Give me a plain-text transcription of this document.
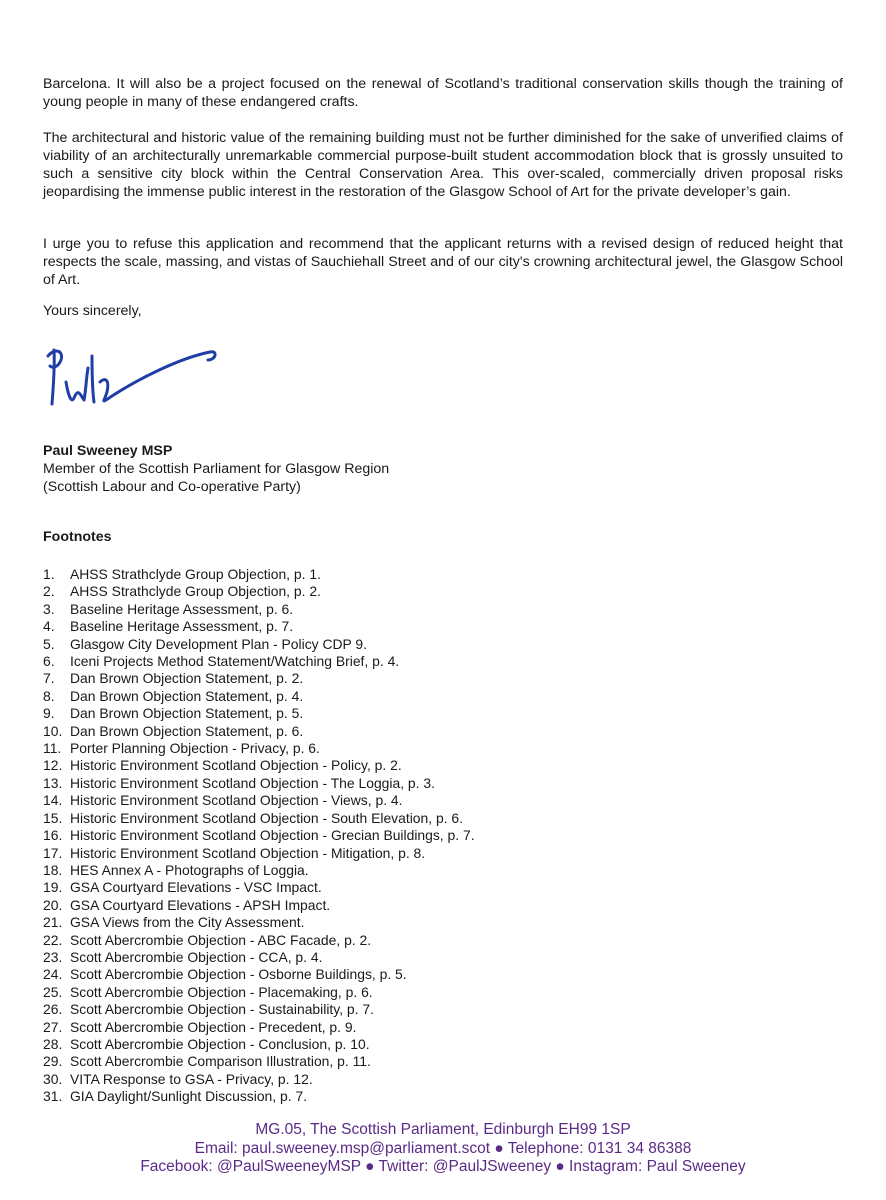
Barcelona. It will also be a project focused on the renewal of Scotland’s traditional conservation skills though the training of young people in many of these endangered crafts.

The architectural and historic value of the remaining building must not be further diminished for the sake of unverified claims of viability of an architecturally unremarkable commercial purpose-built student accommodation block that is grossly unsuited to such a sensitive city block within the Central Conservation Area. This over-scaled, commercially driven proposal risks jeopardising the immense public interest in the restoration of the Glasgow School of Art for the private developer’s gain.

I urge you to refuse this application and recommend that the applicant returns with a revised design of reduced height that respects the scale, massing, and vistas of Sauchiehall Street and of our city's crowning architectural jewel, the Glasgow School of Art.

Yours sincerely,

Paul Sweeney MSP
Member of the Scottish Parliament for Glasgow Region
(Scottish Labour and Co-operative Party)

Footnotes

1.	AHSS Strathclyde Group Objection, p. 1.
2.	AHSS Strathclyde Group Objection, p. 2.
3.	Baseline Heritage Assessment, p. 6.
4.	Baseline Heritage Assessment, p. 7.
5.	Glasgow City Development Plan - Policy CDP 9.
6.	Iceni Projects Method Statement/Watching Brief, p. 4.
7.	Dan Brown Objection Statement, p. 2.
8.	Dan Brown Objection Statement, p. 4.
9.	Dan Brown Objection Statement, p. 5.
10. Dan Brown Objection Statement, p. 6.
11. Porter Planning Objection - Privacy, p. 6.
12. Historic Environment Scotland Objection - Policy, p. 2.
13. Historic Environment Scotland Objection - The Loggia, p. 3.
14. Historic Environment Scotland Objection - Views, p. 4.
15. Historic Environment Scotland Objection - South Elevation, p. 6.
16. Historic Environment Scotland Objection - Grecian Buildings, p. 7.
17. Historic Environment Scotland Objection - Mitigation, p. 8.
18. HES Annex A - Photographs of Loggia.
19. GSA Courtyard Elevations - VSC Impact.
20. GSA Courtyard Elevations - APSH Impact.
21. GSA Views from the City Assessment.
22. Scott Abercrombie Objection - ABC Facade, p. 2.
23. Scott Abercrombie Objection - CCA, p. 4.
24. Scott Abercrombie Objection - Osborne Buildings, p. 5.
25. Scott Abercrombie Objection - Placemaking, p. 6.
26. Scott Abercrombie Objection - Sustainability, p. 7.
27. Scott Abercrombie Objection - Precedent, p. 9.
28. Scott Abercrombie Objection - Conclusion, p. 10.
29. Scott Abercrombie Comparison Illustration, p. 11.
30. VITA Response to GSA - Privacy, p. 12.
31. GIA Daylight/Sunlight Discussion, p. 7.
MG.05, The Scottish Parliament, Edinburgh EH99 1SP
Email: paul.sweeney.msp@parliament.scot ● Telephone: 0131 34 86388
Facebook: @PaulSweeneyMSP ● Twitter: @PaulJSweeney ● Instagram: Paul Sweeney
